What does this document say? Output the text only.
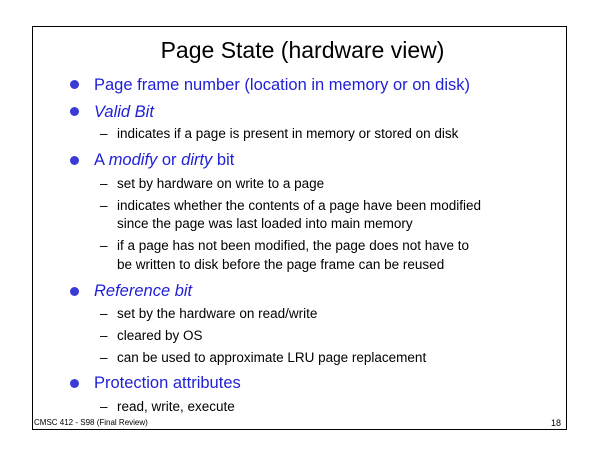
Page State (hardware view)
Page frame number (location in memory or on disk)
Valid Bit
– indicates if a page is present in memory or stored on disk
A modify or dirty bit
– set by hardware on write to a page
– indicates whether the contents of a page have been modified
since the page was last loaded into main memory
– if a page has not been modified, the page does not have to
be written to disk before the page frame can be reused
Reference bit
– set by the hardware on read/write
– cleared by OS
– can be used to approximate LRU page replacement
Protection attributes
– read, write, execute
CMSC 412 - S98 (Final Review)	18
